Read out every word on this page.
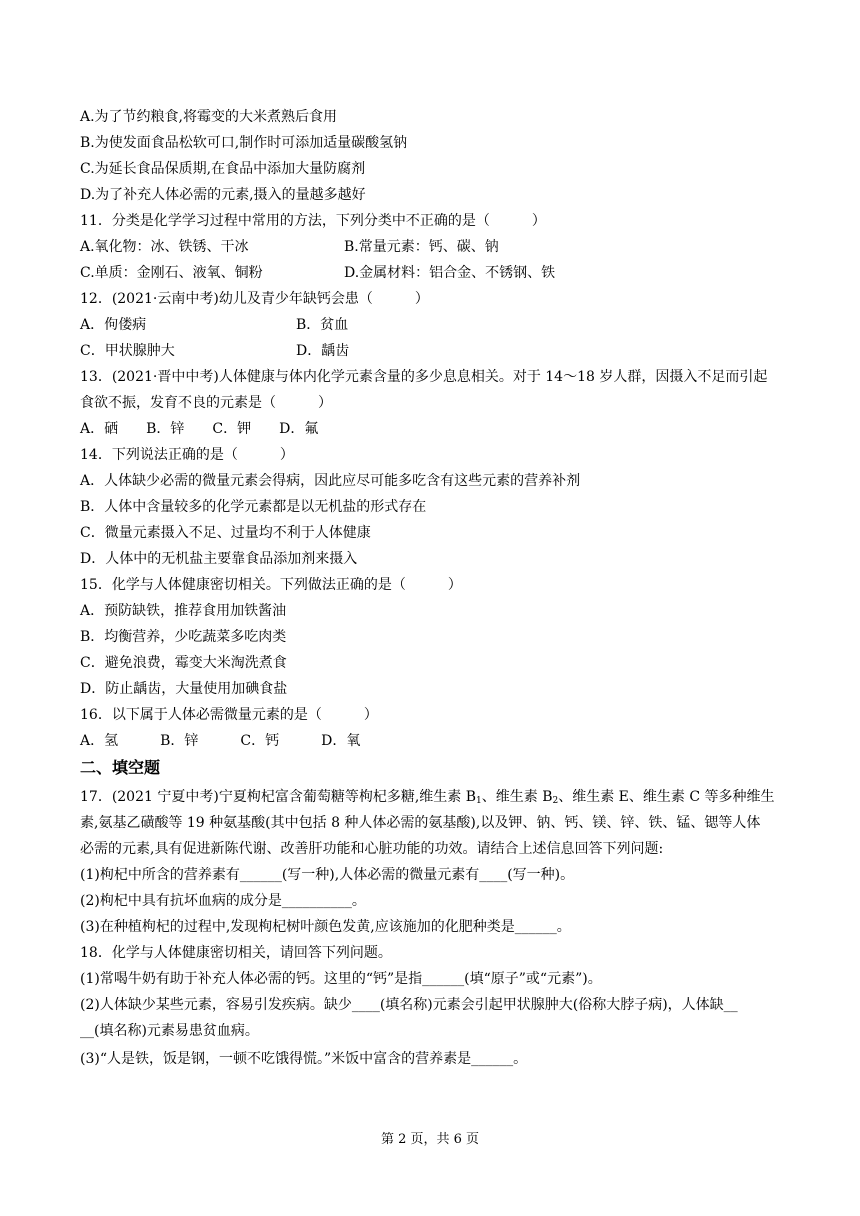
A.为了节约粮食,将霉变的大米煮熟后食用
B.为使发面食品松软可口,制作时可添加适量碳酸氢钠
C.为延长食品保质期,在食品中添加大量防腐剂
D.为了补充人体必需的元素,摄入的量越多越好
11．分类是化学学习过程中常用的方法，下列分类中不正确的是（　　　）
A.氧化物：冰、铁锈、干冰	B.常量元素：钙、碳、钠
C.单质：金刚石、液氧、铜粉	D.金属材料：铝合金、不锈钢、铁
12．(2021·云南中考)幼儿及青少年缺钙会患（　　　）
A．佝偻病	B．贫血
C．甲状腺肿大	D．龋齿
13．(2021·晋中中考)人体健康与体内化学元素含量的多少息息相关。对于 14～18 岁人群，因摄入不足而引起
食欲不振，发育不良的元素是（　　　）
A．硒　　B．锌　　C．钾　　D．氟
14．下列说法正确的是（　　　）
A．人体缺少必需的微量元素会得病，因此应尽可能多吃含有这些元素的营养补剂
B．人体中含量较多的化学元素都是以无机盐的形式存在
C．微量元素摄入不足、过量均不利于人体健康
D．人体中的无机盐主要靠食品添加剂来摄入
15．化学与人体健康密切相关。下列做法正确的是（　　　）
A．预防缺铁，推荐食用加铁酱油
B．均衡营养，少吃蔬菜多吃肉类
C．避免浪费，霉变大米淘洗煮食
D．防止龋齿，大量使用加碘食盐
16．以下属于人体必需微量元素的是（　　　）
A．氢　　　B．锌　　　C．钙　　　D．氧
二、填空题
17．(2021 宁夏中考)宁夏枸杞富含葡萄糖等枸杞多糖,维生素 $B_1$、维生素 $B_2$、维生素 E、维生素 C 等多种维生
素,氨基乙磺酸等 19 种氨基酸(其中包括 8 种人体必需的氨基酸),以及钾、钠、钙、镁、锌、铁、锰、锶等人体
必需的元素,具有促进新陈代谢、改善肝功能和心脏功能的功效。请结合上述信息回答下列问题:
(1)枸杞中所含的营养素有______(写一种),人体必需的微量元素有____(写一种)。
(2)枸杞中具有抗坏血病的成分是__________。
(3)在种植枸杞的过程中,发现枸杞树叶颜色发黄,应该施加的化肥种类是______。
18．化学与人体健康密切相关，请回答下列问题。
(1)常喝牛奶有助于补充人体必需的钙。这里的“钙”是指______(填“原子”或“元素”)。
(2)人体缺少某些元素，容易引发疾病。缺少____(填名称)元素会引起甲状腺肿大(俗称大脖子病)，人体缺__
__(填名称)元素易患贫血病。
(3)“人是铁，饭是钢，一顿不吃饿得慌。”米饭中富含的营养素是______。
第 2 页，共 6 页
